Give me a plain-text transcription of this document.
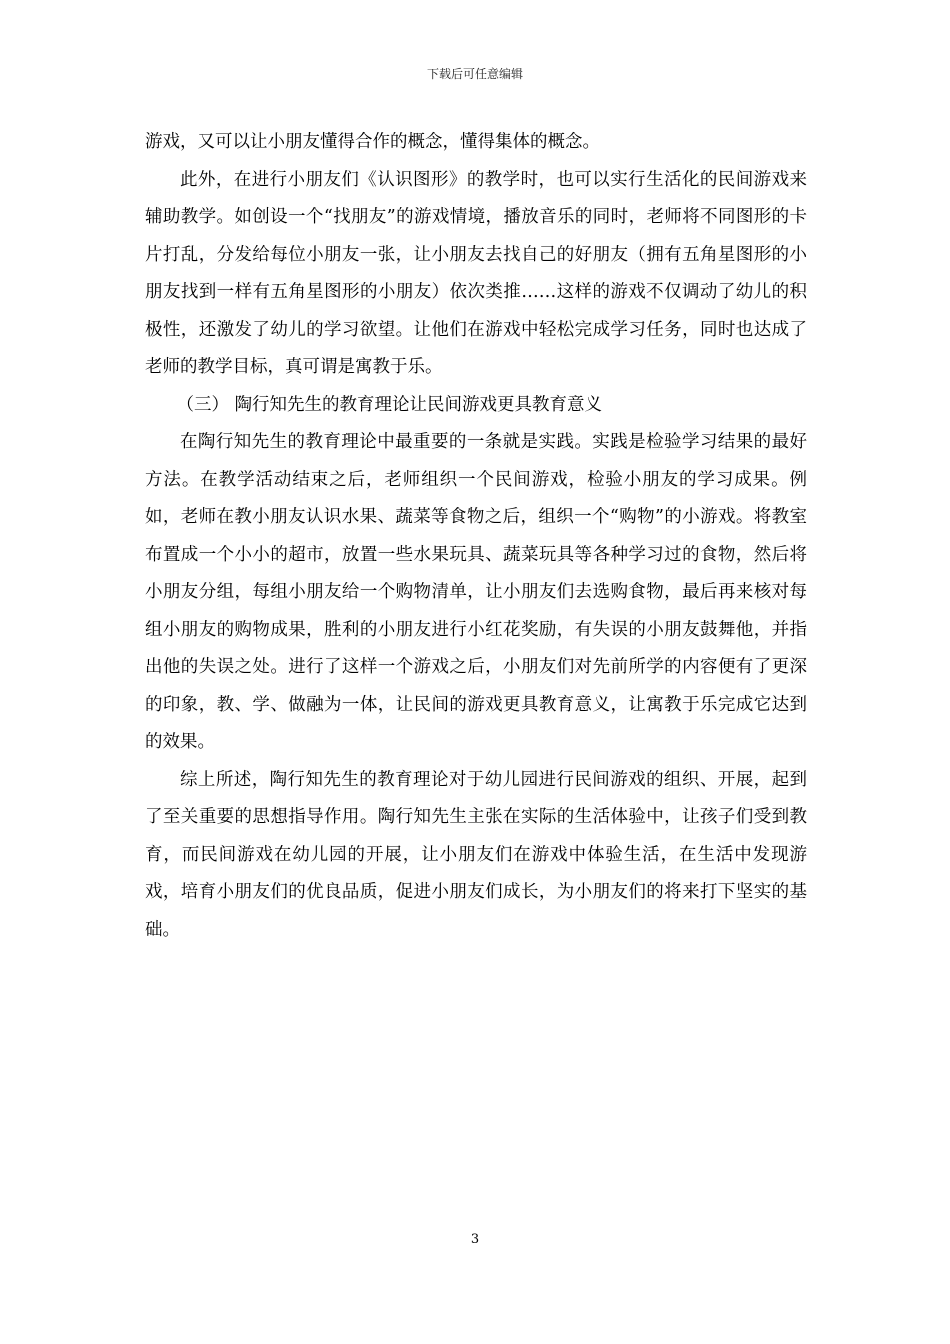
下载后可任意编辑

游戏，又可以让小朋友懂得合作的概念，懂得集体的概念。

此外，在进行小朋友们《认识图形》的教学时，也可以实行生活化的民间游戏来辅助教学。如创设一个“找朋友”的游戏情境，播放音乐的同时，老师将不同图形的卡片打乱，分发给每位小朋友一张，让小朋友去找自己的好朋友（拥有五角星图形的小朋友找到一样有五角星图形的小朋友）依次类推……这样的游戏不仅调动了幼儿的积极性，还激发了幼儿的学习欲望。让他们在游戏中轻松完成学习任务，同时也达成了老师的教学目标，真可谓是寓教于乐。

（三） 陶行知先生的教育理论让民间游戏更具教育意义

在陶行知先生的教育理论中最重要的一条就是实践。实践是检验学习结果的最好方法。在教学活动结束之后，老师组织一个民间游戏，检验小朋友的学习成果。例如，老师在教小朋友认识水果、蔬菜等食物之后，组织一个“购物”的小游戏。将教室布置成一个小小的超市，放置一些水果玩具、蔬菜玩具等各种学习过的食物，然后将小朋友分组，每组小朋友给一个购物清单，让小朋友们去选购食物，最后再来核对每组小朋友的购物成果，胜利的小朋友进行小红花奖励，有失误的小朋友鼓舞他，并指出他的失误之处。进行了这样一个游戏之后，小朋友们对先前所学的内容便有了更深的印象，教、学、做融为一体，让民间的游戏更具教育意义，让寓教于乐完成它达到的效果。

综上所述，陶行知先生的教育理论对于幼儿园进行民间游戏的组织、开展，起到了至关重要的思想指导作用。陶行知先生主张在实际的生活体验中，让孩子们受到教育，而民间游戏在幼儿园的开展，让小朋友们在游戏中体验生活，在生活中发现游戏，培育小朋友们的优良品质，促进小朋友们成长，为小朋友们的将来打下坚实的基础。

3
